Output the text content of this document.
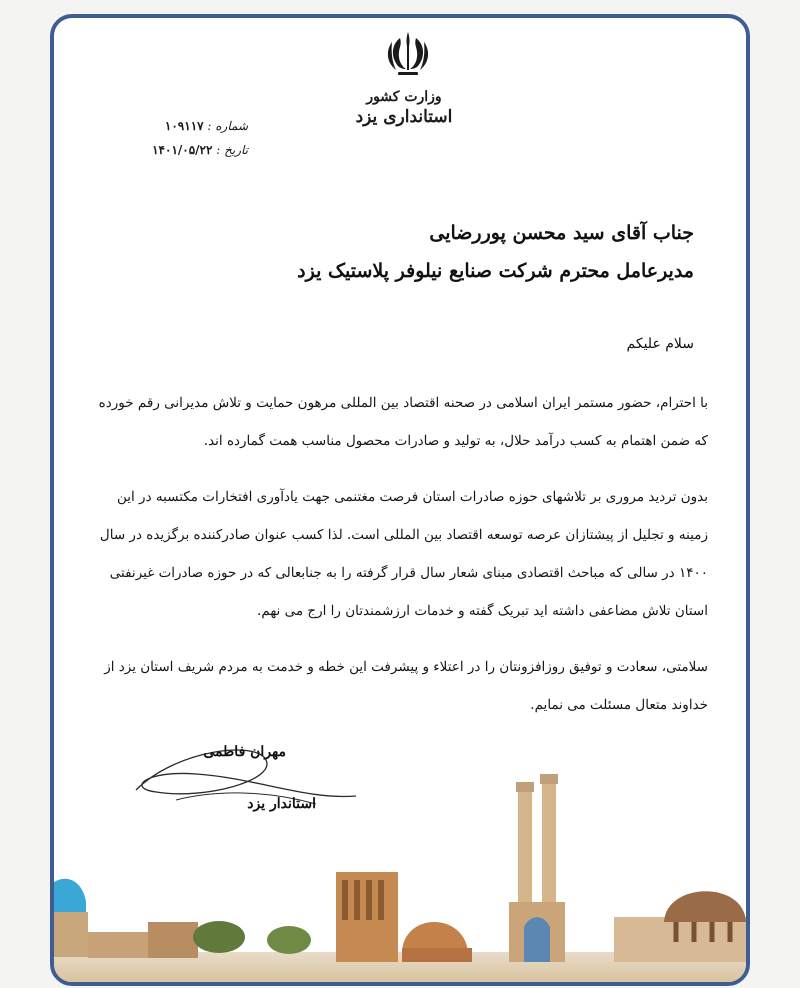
وزارت کشور
استانداری یزد
شماره : ۱۰۹۱۱۷
تاریخ : ۱۴۰۱/۰۵/۲۲
جناب آقای سید محسن پوررضایی
مدیرعامل محترم شرکت صنایع نیلوفر پلاستیک یزد
سلام علیکم

با احترام، حضور مستمر ایران اسلامی در صحنه اقتصاد بین المللی مرهون حمایت و تلاش مدیرانی رقم خورده که ضمن اهتمام به کسب درآمد حلال، به تولید و صادرات محصول مناسب همت گمارده اند.

بدون تردید مروری بر تلاشهای حوزه صادرات استان فرصت مغتنمی جهت یادآوری افتخارات مکتسبه در این زمینه و تجلیل از پیشتازان عرصه توسعه اقتصاد بین المللی است. لذا کسب عنوان صادرکننده برگزیده در سال ۱۴۰۰ در سالی که مباحث اقتصادی مبنای شعار سال قرار گرفته را به جنابعالی که در حوزه صادرات غیرنفتی استان تلاش مضاعفی داشته اید تبریک گفته و خدمات ارزشمندتان را ارج می نهم.

سلامتی، سعادت و توفیق روزافزونتان را در اعتلاء و پیشرفت این خطه و خدمت به مردم شریف استان یزد از خداوند متعال مسئلت می نمایم.

مهران فاطمی
استاندار یزد
